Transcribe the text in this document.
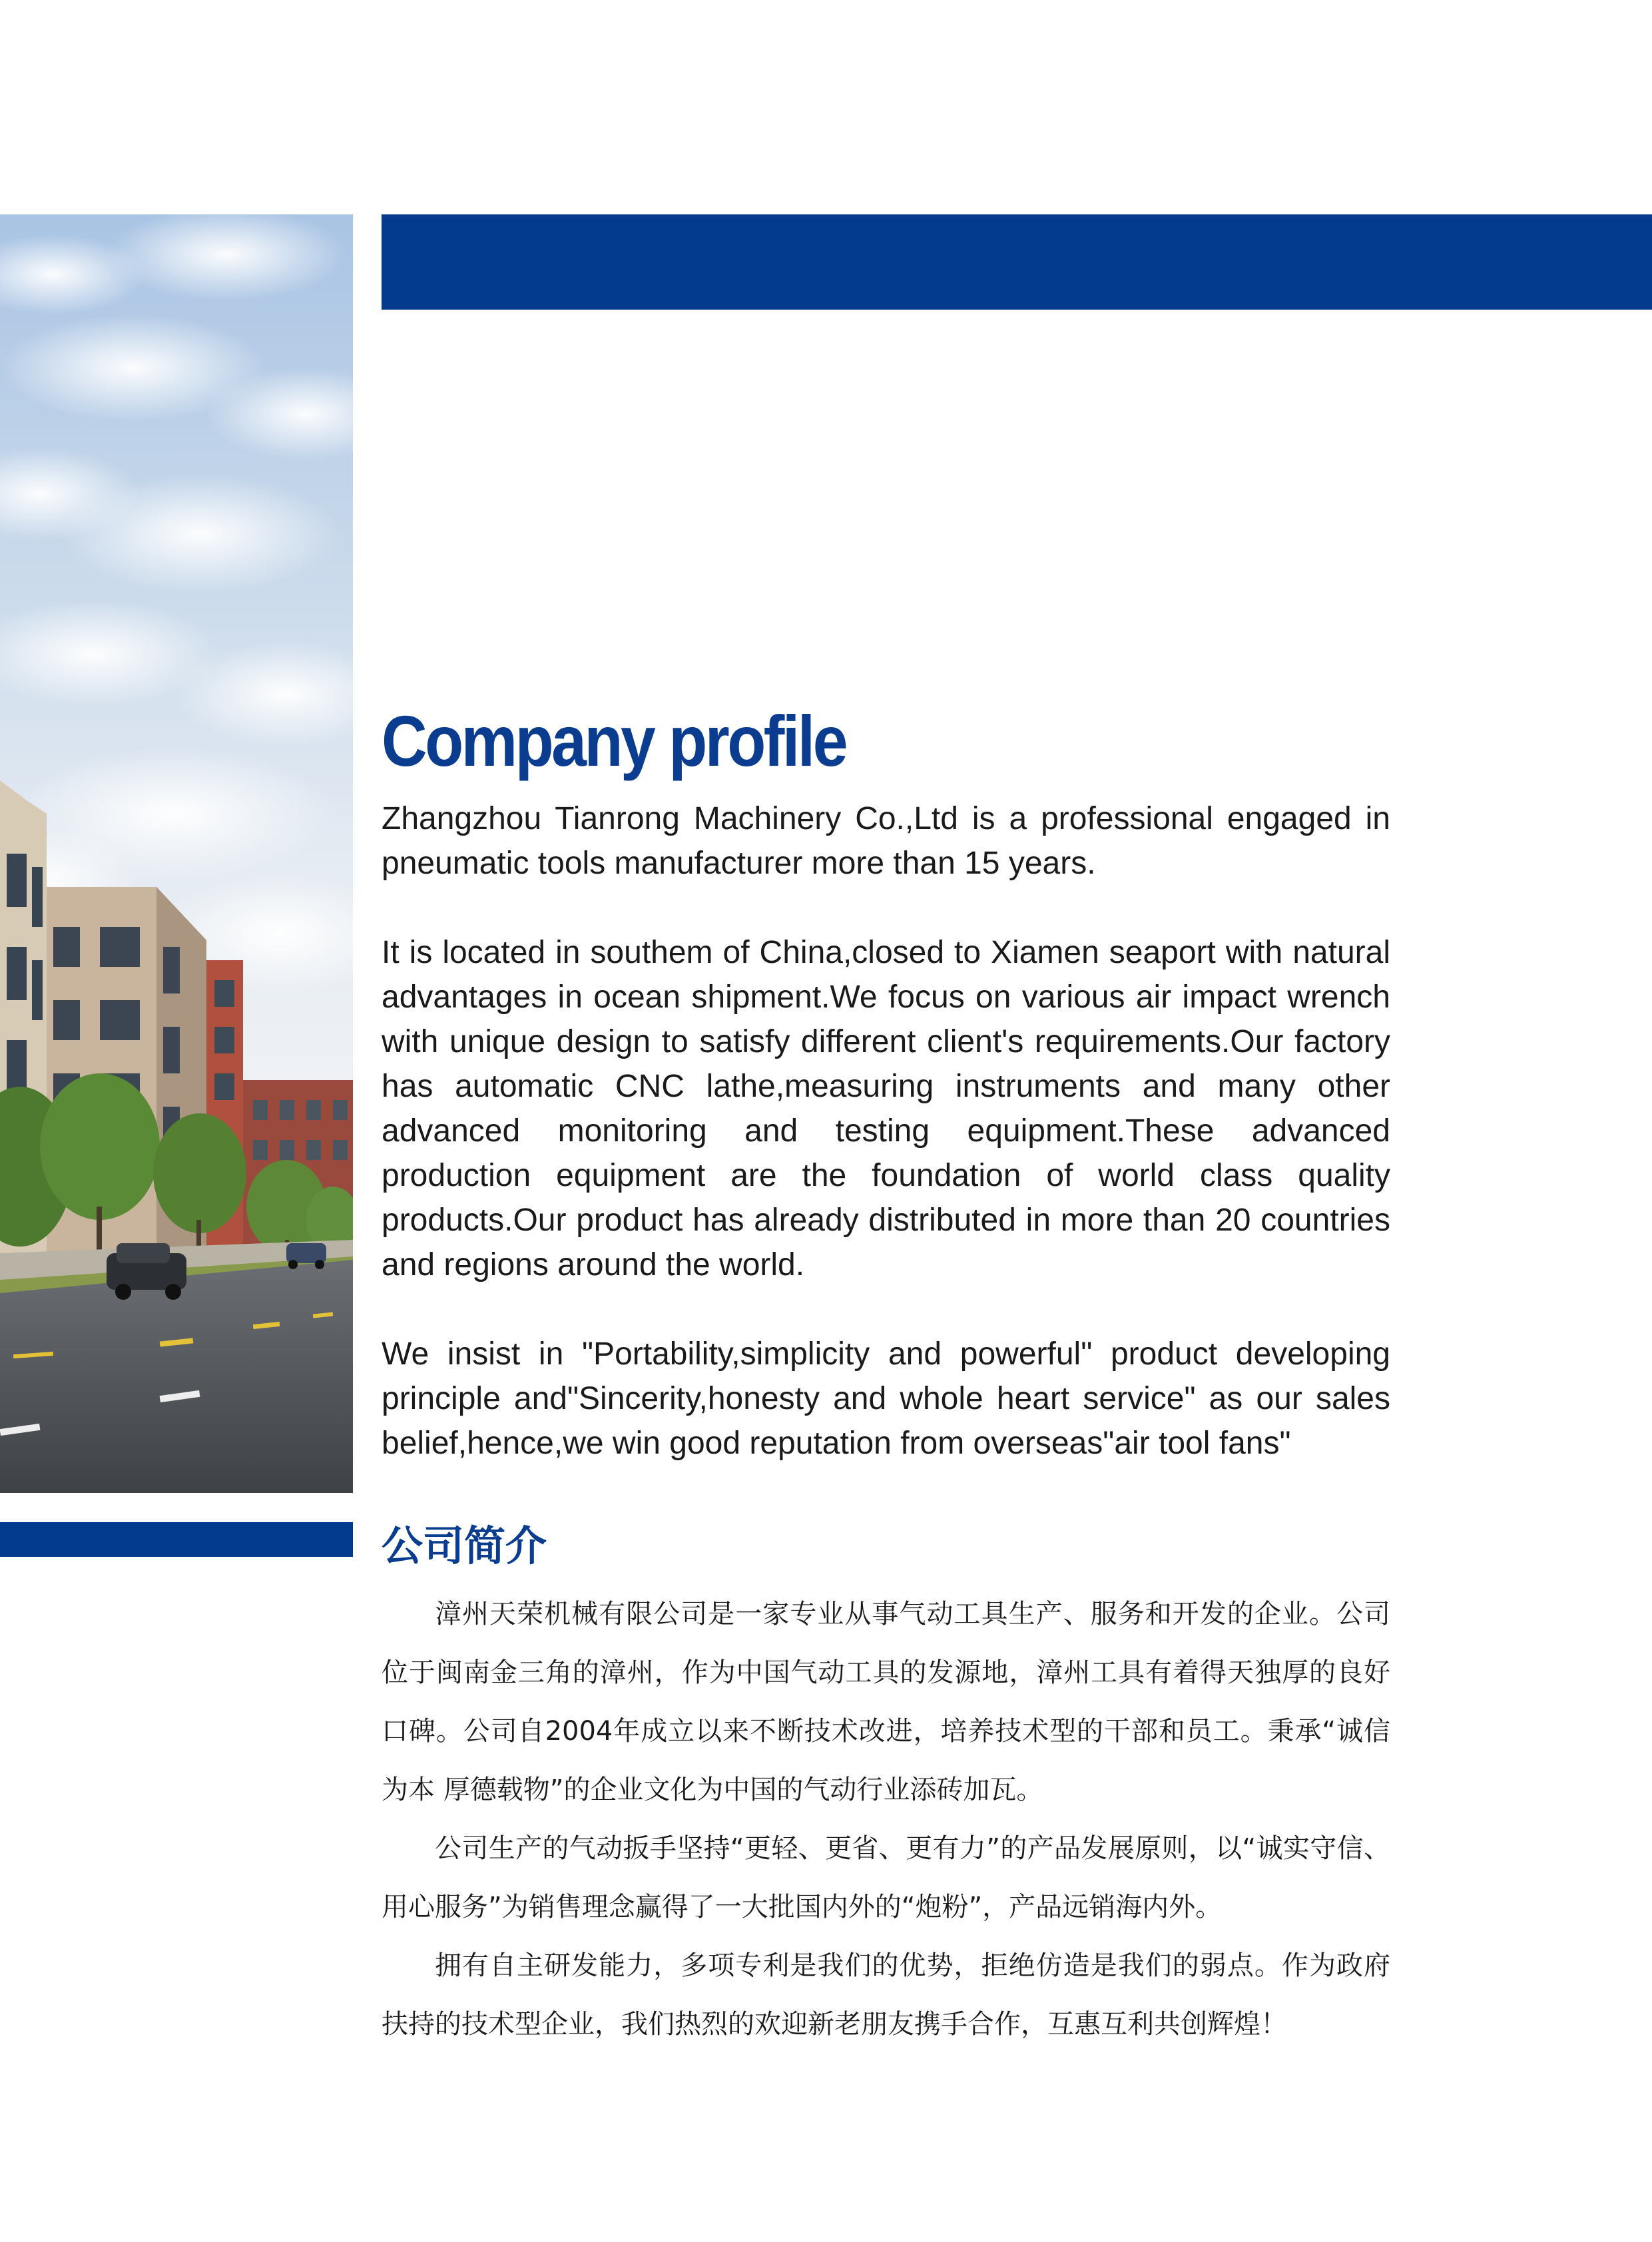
Company profile

Zhangzhou Tianrong Machinery Co.,Ltd is a professional engaged in pneumatic tools manufacturer more than 15 years.

It is located in southem of China,closed to Xiamen seaport with natural advantages in ocean shipment.We focus on various air impact wrench with unique design to satisfy different client's requirements.Our factory has automatic CNC lathe,measuring instruments and many other advanced monitoring and testing equipment.These advanced production equipment are the foundation of world class quality products.Our product has already distributed in more than 20 countries and regions around the world.

We insist in "Portability,simplicity and powerful" product developing principle and"Sincerity,honesty and whole heart service" as our sales belief,hence,we win good reputation from overseas"air tool fans"

公司简介

漳州天荣机械有限公司是一家专业从事气动工具生产、服务和开发的企业。公司位于闽南金三角的漳州，作为中国气动工具的发源地，漳州工具有着得天独厚的良好口碑。公司自2004年成立以来不断技术改进，培养技术型的干部和员工。秉承“诚信为本 厚德载物”的企业文化为中国的气动行业添砖加瓦。

公司生产的气动扳手坚持“更轻、更省、更有力”的产品发展原则，以“诚实守信、用心服务”为销售理念赢得了一大批国内外的“炮粉”，产品远销海内外。

拥有自主研发能力，多项专利是我们的优势，拒绝仿造是我们的弱点。作为政府扶持的技术型企业，我们热烈的欢迎新老朋友携手合作，互惠互利共创辉煌！
